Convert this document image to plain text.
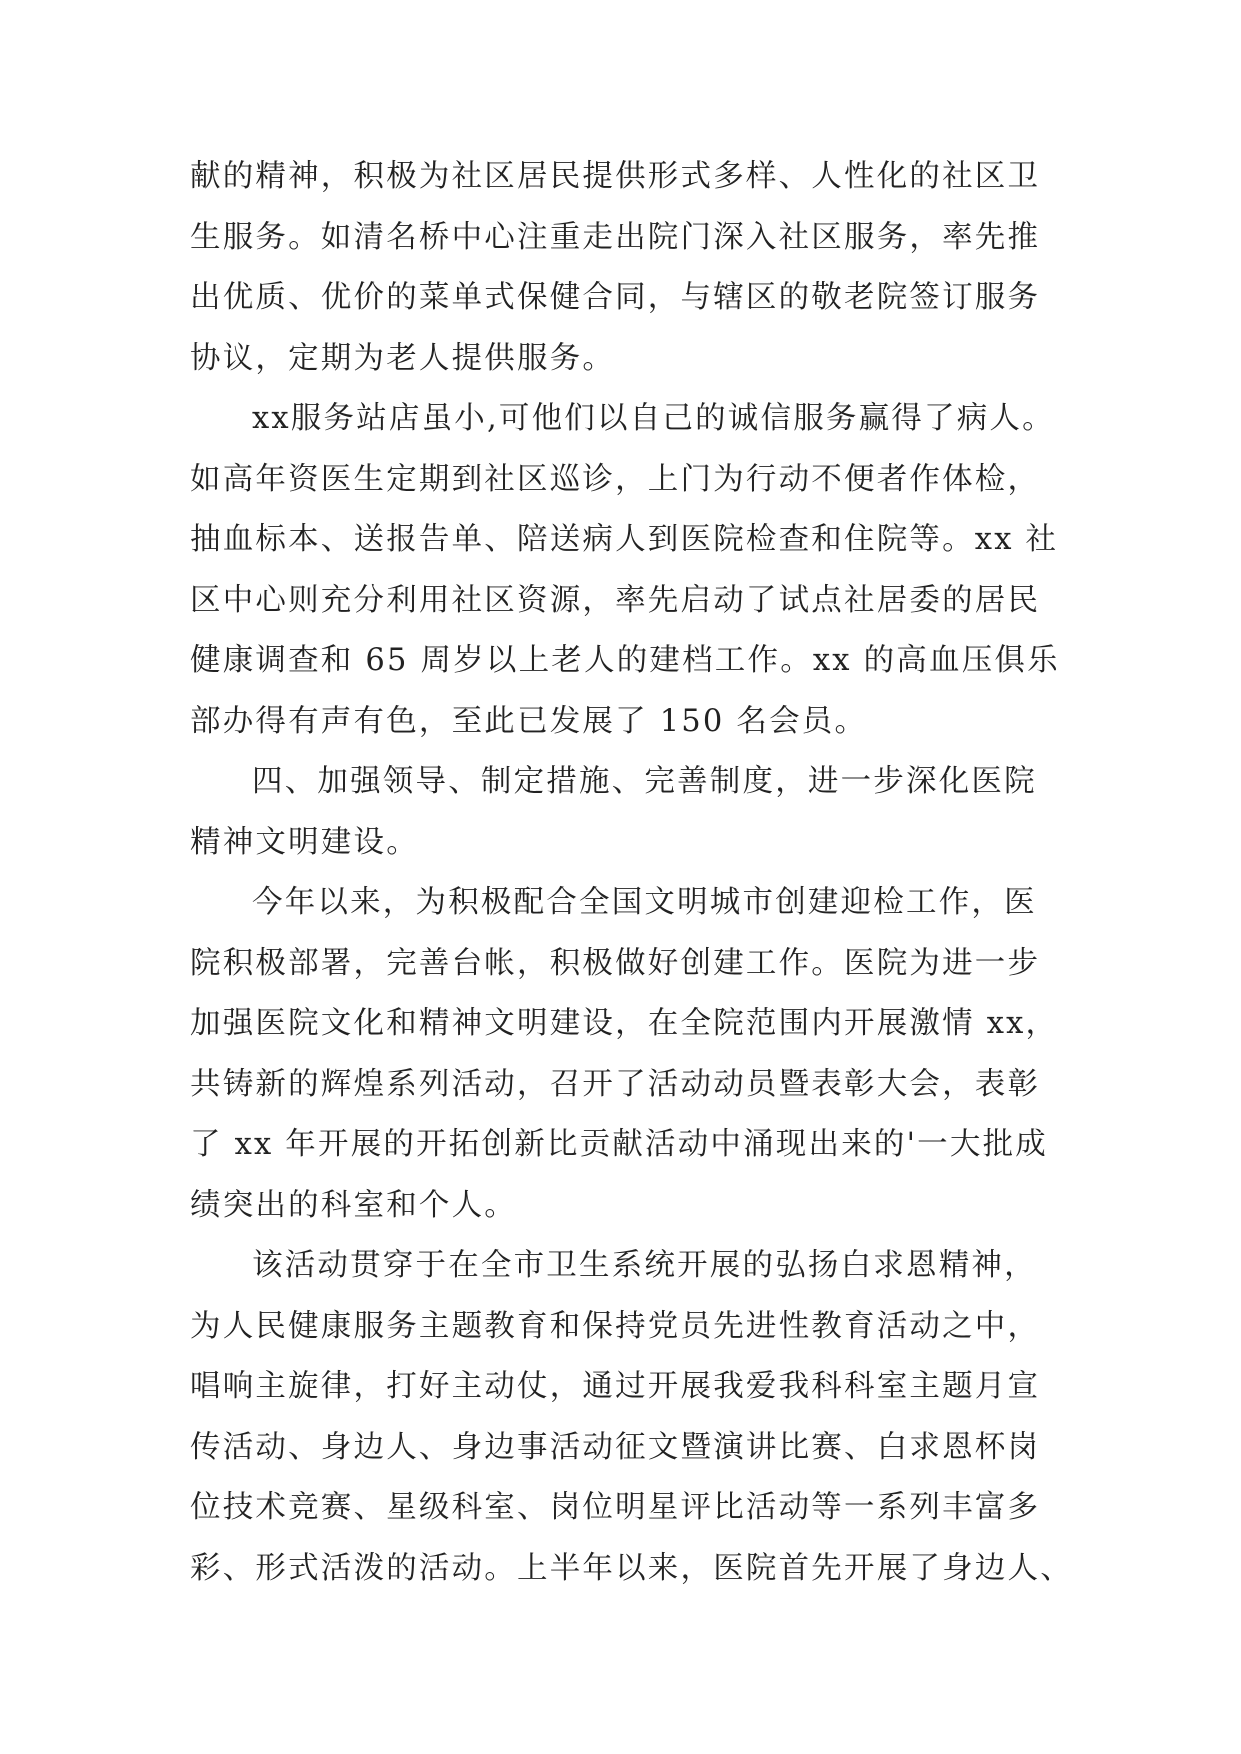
献的精神，积极为社区居民提供形式多样、人性化的社区卫
生服务。如清名桥中心注重走出院门深入社区服务，率先推
出优质、优价的菜单式保健合同，与辖区的敬老院签订服务
协议，定期为老人提供服务。
xx服务站店虽小,可他们以自己的诚信服务赢得了病人。
如高年资医生定期到社区巡诊，上门为行动不便者作体检，
抽血标本、送报告单、陪送病人到医院检查和住院等。xx 社
区中心则充分利用社区资源，率先启动了试点社居委的居民
健康调查和 65 周岁以上老人的建档工作。xx 的高血压俱乐
部办得有声有色，至此已发展了 150 名会员。
四、加强领导、制定措施、完善制度，进一步深化医院
精神文明建设。
今年以来，为积极配合全国文明城市创建迎检工作，医
院积极部署，完善台帐，积极做好创建工作。医院为进一步
加强医院文化和精神文明建设，在全院范围内开展激情 xx，
共铸新的辉煌系列活动，召开了活动动员暨表彰大会，表彰
了 xx 年开展的开拓创新比贡献活动中涌现出来的'一大批成
绩突出的科室和个人。
该活动贯穿于在全市卫生系统开展的弘扬白求恩精神，
为人民健康服务主题教育和保持党员先进性教育活动之中，
唱响主旋律，打好主动仗，通过开展我爱我科科室主题月宣
传活动、身边人、身边事活动征文暨演讲比赛、白求恩杯岗
位技术竞赛、星级科室、岗位明星评比活动等一系列丰富多
彩、形式活泼的活动。上半年以来，医院首先开展了身边人、
